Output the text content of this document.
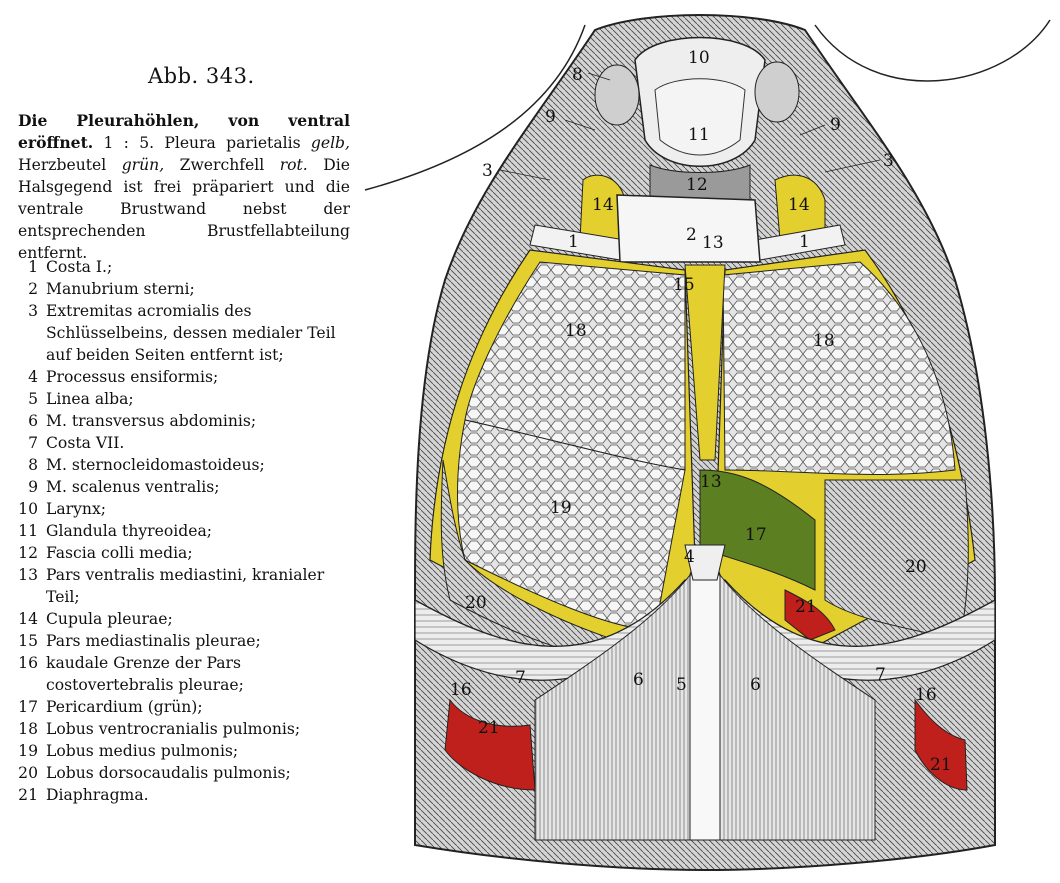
Abb. 343.
Die Pleurahöhlen, von ventral eröffnet. 1 : 5. Pleura parietalis gelb, Herzbeutel grün, Zwerchfell rot. Die Halsgegend ist frei präpariert und die ventrale Brustwand nebst der entsprechenden Brustfellabteilung entfernt.
1 Costa I.;
2 Manubrium sterni;
3 Extremitas acromialis des Schlüsselbeins, dessen medialer Teil auf beiden Seiten entfernt ist;
4 Processus ensiformis;
5 Linea alba;
6 M. transversus abdominis;
7 Costa VII.
8 M. sternocleidomastoideus;
9 M. scalenus ventralis;
10 Larynx;
11 Glandula thyreoidea;
12 Fascia colli media;
13 Pars ventralis mediastini, kranialer Teil;
14 Cupula pleurae;
15 Pars mediastinalis pleurae;
16 kaudale Grenze der Pars costovertebralis pleurae;
17 Pericardium (grün);
18 Lobus ventrocranialis pulmonis;
19 Lobus medius pulmonis;
20 Lobus dorsocaudalis pulmonis;
21 Diaphragma.
10
11
12
8
9	9
3	3
14	14
1	1
2 13
15
18	18
13
19
17
4
20
20
21
21
21
7	7
16	16
6	6
5
